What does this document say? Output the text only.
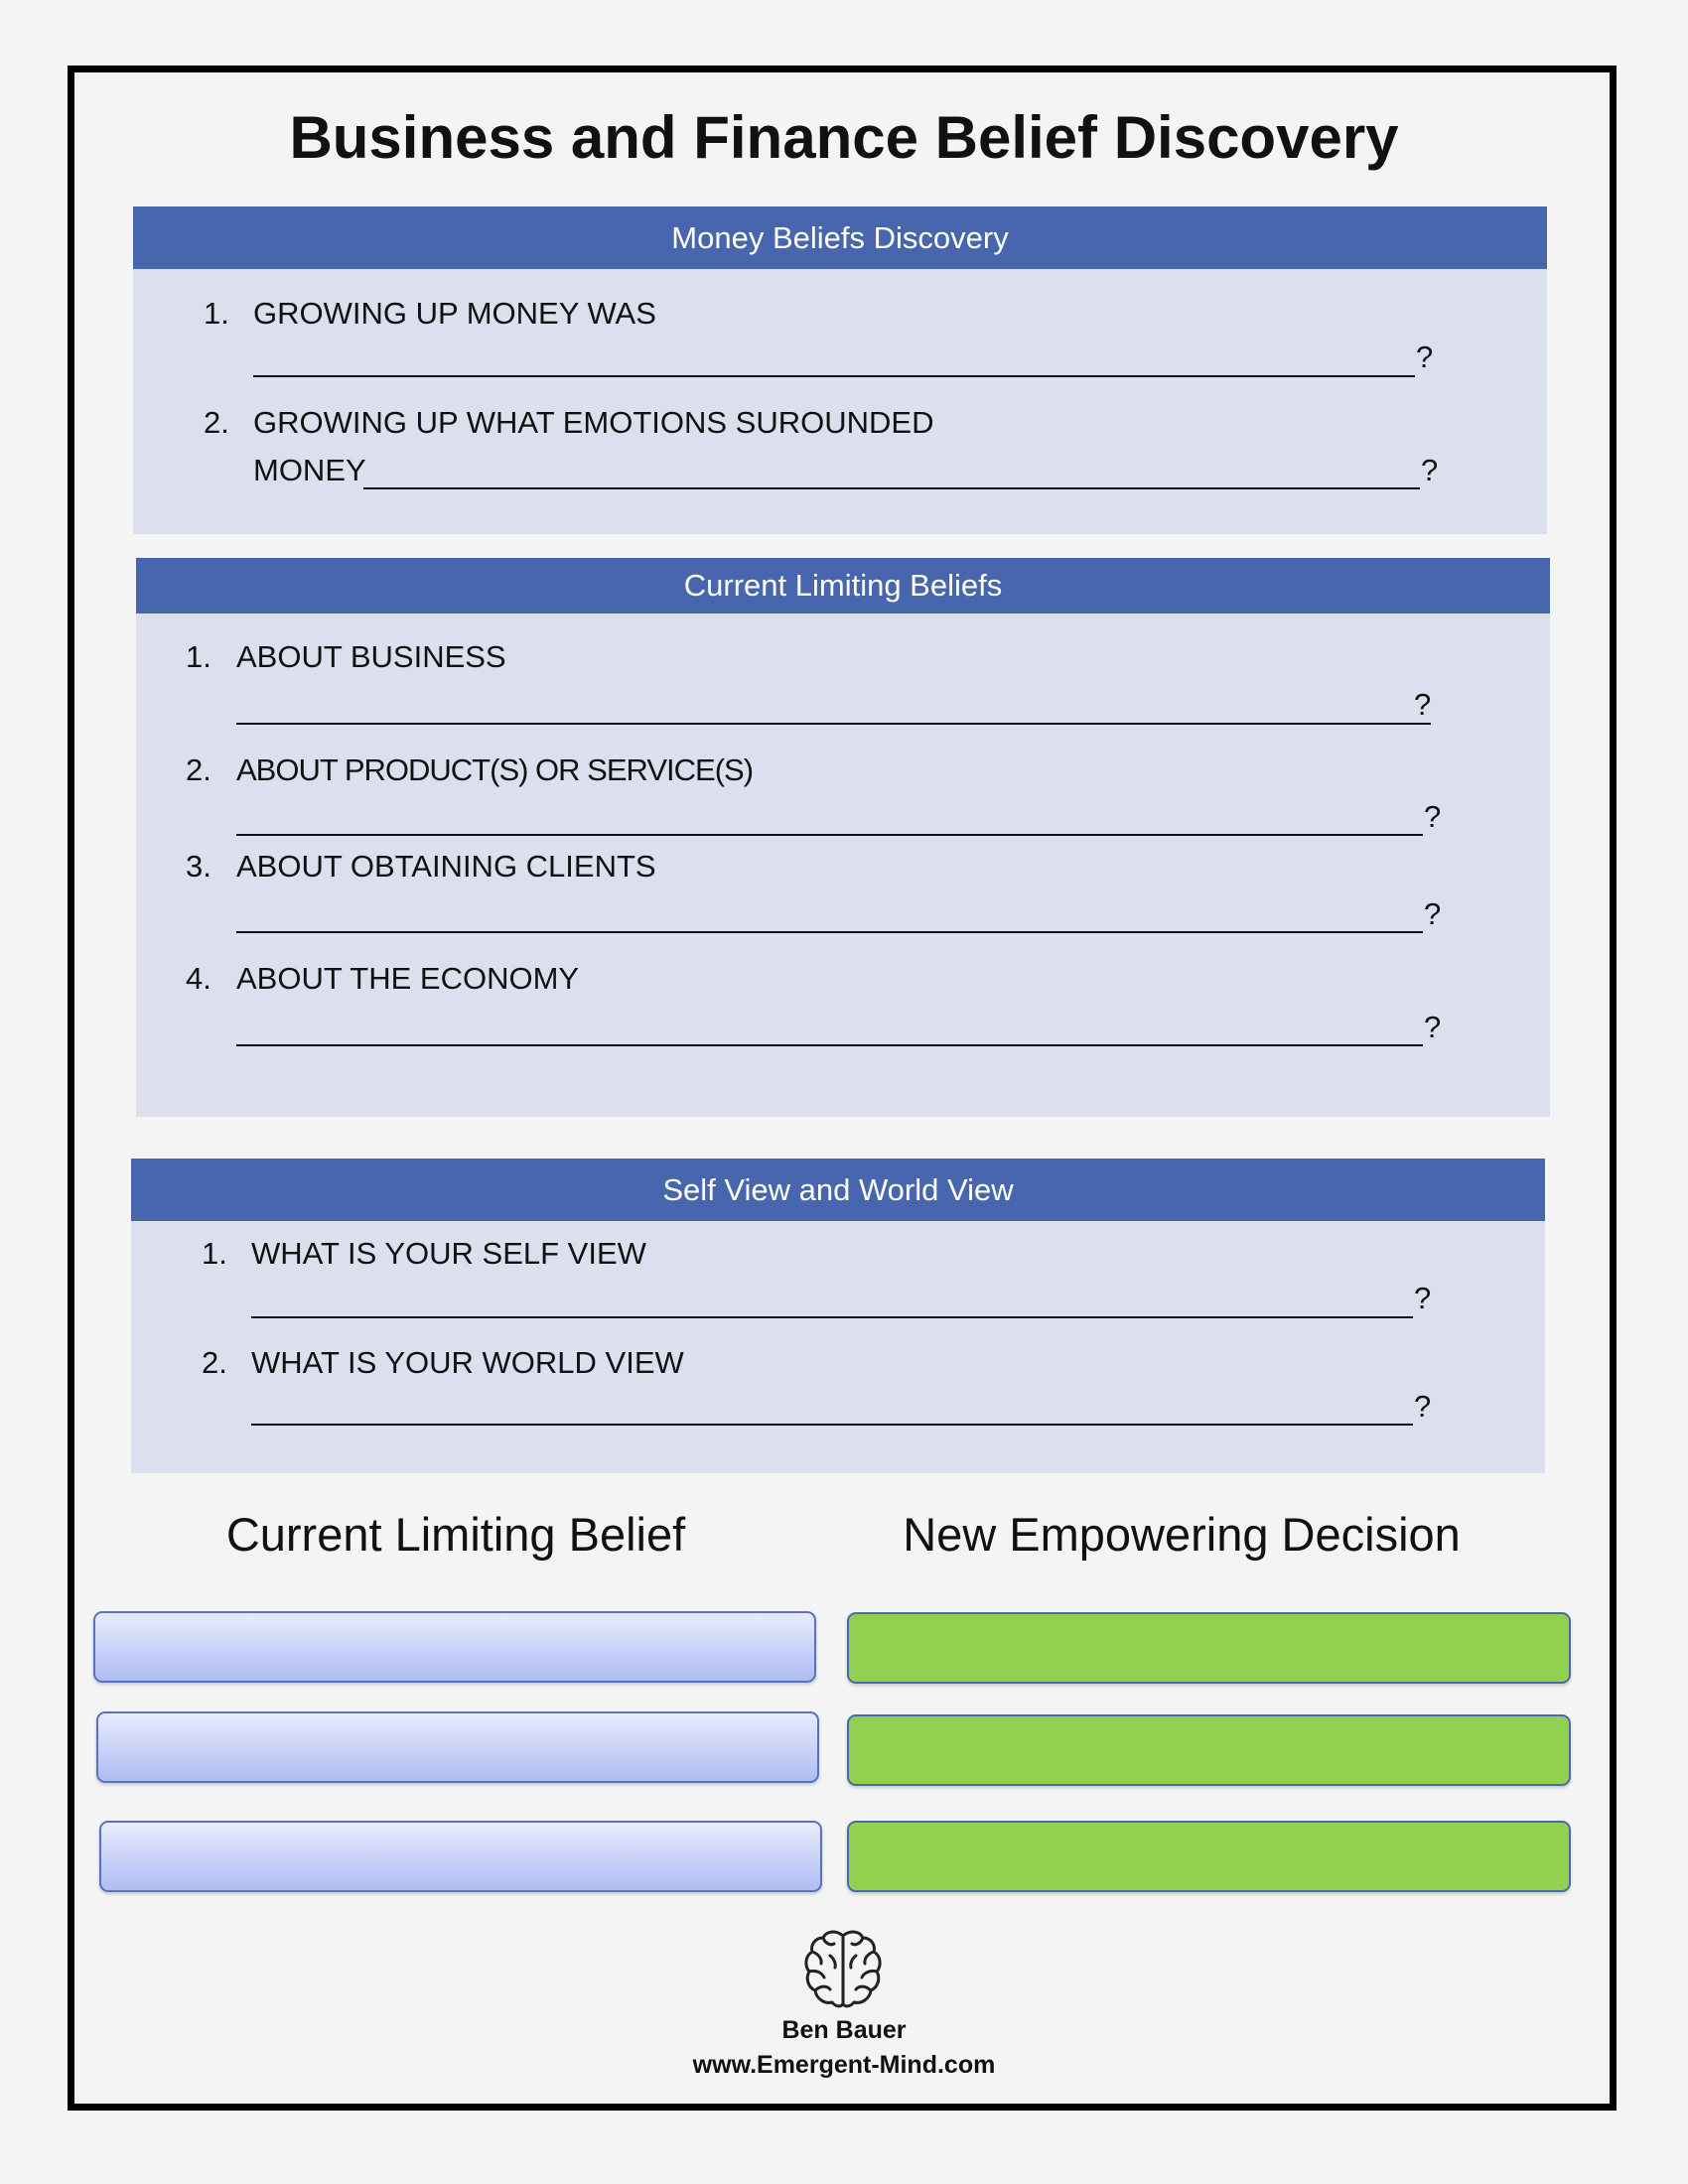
Business and Finance Belief Discovery
Money Beliefs Discovery
1. GROWING UP MONEY WAS
?
2. GROWING UP WHAT EMOTIONS SUROUNDED
MONEY	?
Current Limiting Beliefs
1. ABOUT BUSINESS
?
2. ABOUT PRODUCT(S) OR SERVICE(S)
?
3. ABOUT OBTAINING CLIENTS
?
4. ABOUT THE ECONOMY
?
Self View and World View
1. WHAT IS YOUR SELF VIEW
?
2. WHAT IS YOUR WORLD VIEW
?
Current Limiting Belief	New Empowering Decision
Ben Bauer
www.Emergent-Mind.com
